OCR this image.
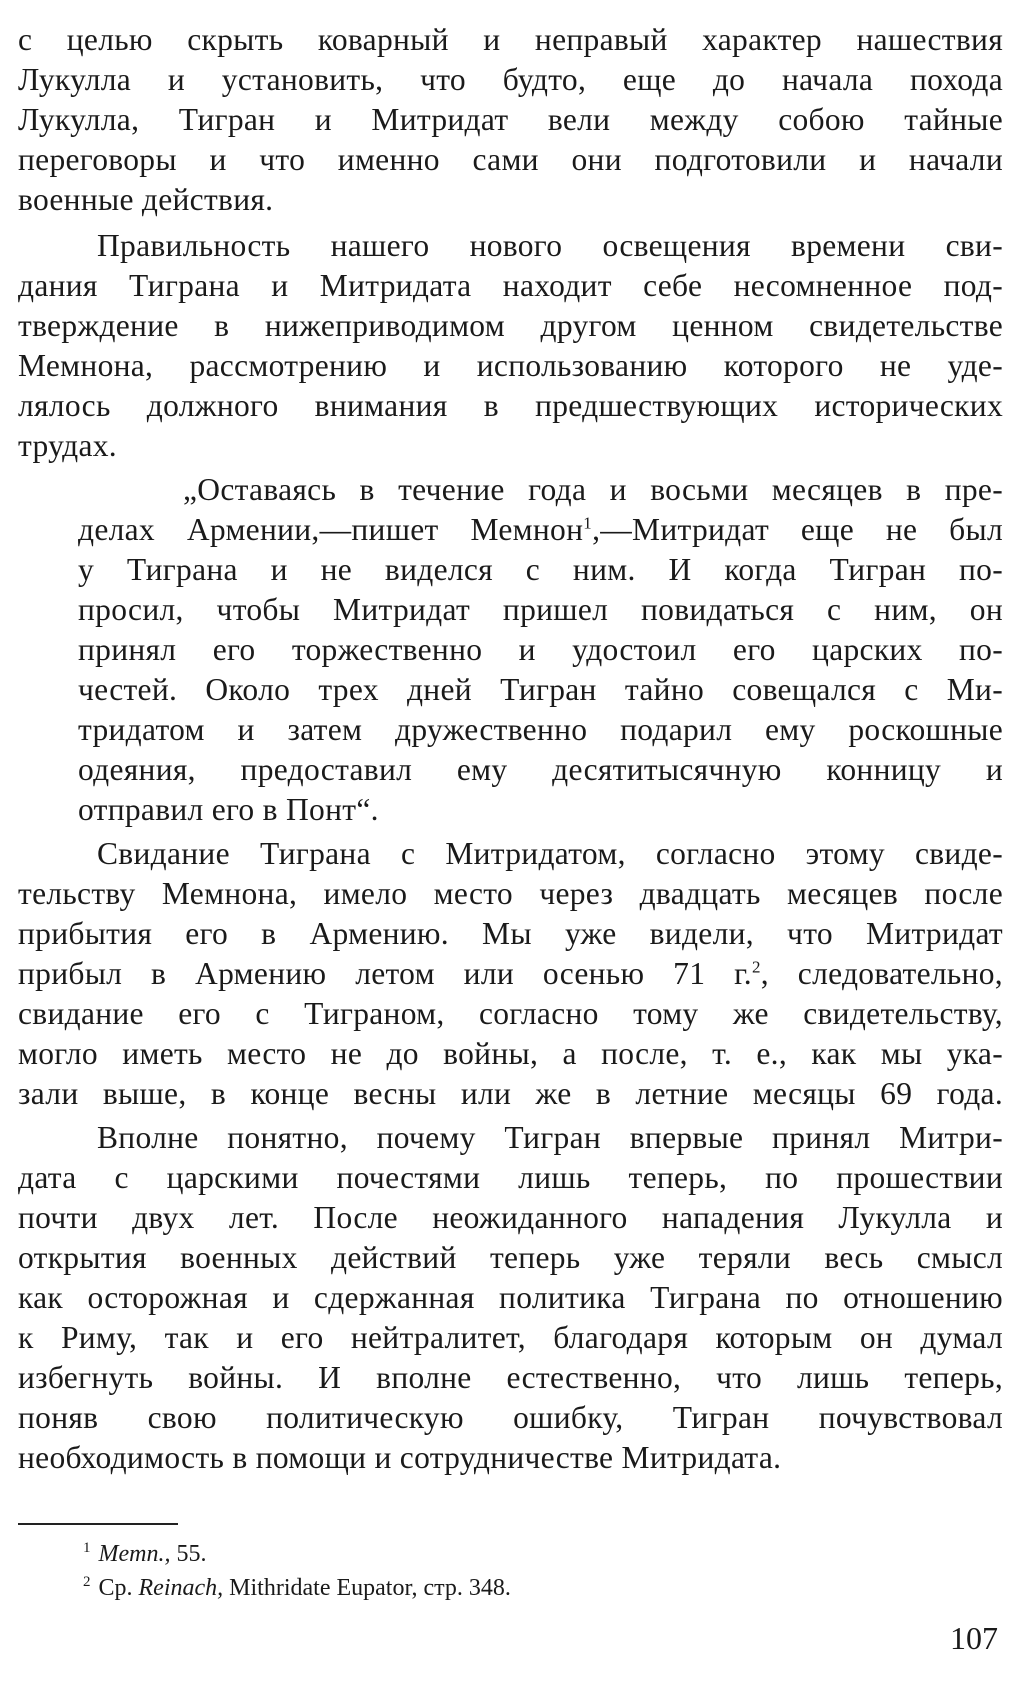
с целью скрыть коварный и неправый характер нашествия
Лукулла и установить, что будто, еще до начала похода
Лукулла, Тигран и Митридат вели между собою тайные
переговоры и что именно сами они подготовили и начали
военные действия.
Правильность нашего нового освещения времени сви-
дания Тиграна и Митридата находит себе несомненное под-
тверждение в нижеприводимом другом ценном свидетельстве
Мемнона, рассмотрению и использованию которого не уде-
лялось должного внимания в предшествующих исторических
трудах.
„Оставаясь в течение года и восьми месяцев в пре-
делах Армении,—пишет Мемнон$^1$,—Митридат еще не был
у Тиграна и не виделся с ним. И когда Тигран по-
просил, чтобы Митридат пришел повидаться с ним, он
принял его торжественно и удостоил его царских по-
честей. Около трех дней Тигран тайно совещался с Ми-
тридатом и затем дружественно подарил ему роскошные
одеяния, предоставил ему десятитысячную конницу и
отправил его в Понт“.
Свидание Тиграна с Митридатом, согласно этому свиде-
тельству Мемнона, имело место через двадцать месяцев после
прибытия его в Армению. Мы уже видели, что Митридат
прибыл в Армению летом или осенью 71 г.$^2$, следовательно,
свидание его с Тиграном, согласно тому же свидетельству,
могло иметь место не до войны, а после, т. е., как мы ука-
зали выше, в конце весны или же в летние месяцы 69 года.
Вполне понятно, почему Тигран впервые принял Митри-
дата с царскими почестями лишь теперь, по прошествии
почти двух лет. После неожиданного нападения Лукулла и
открытия военных действий теперь уже теряли весь смысл
как осторожная и сдержанная политика Тиграна по отношению
к Риму, так и его нейтралитет, благодаря которым он думал
избегнуть войны. И вполне естественно, что лишь теперь,
поняв свою политическую ошибку, Тигран почувствовал
необходимость в помощи и сотрудничестве Митридата.
$^1$ Memn., 55.
$^2$ Ср. Reinach, Mithridate Eupator, стр. 348.
107
